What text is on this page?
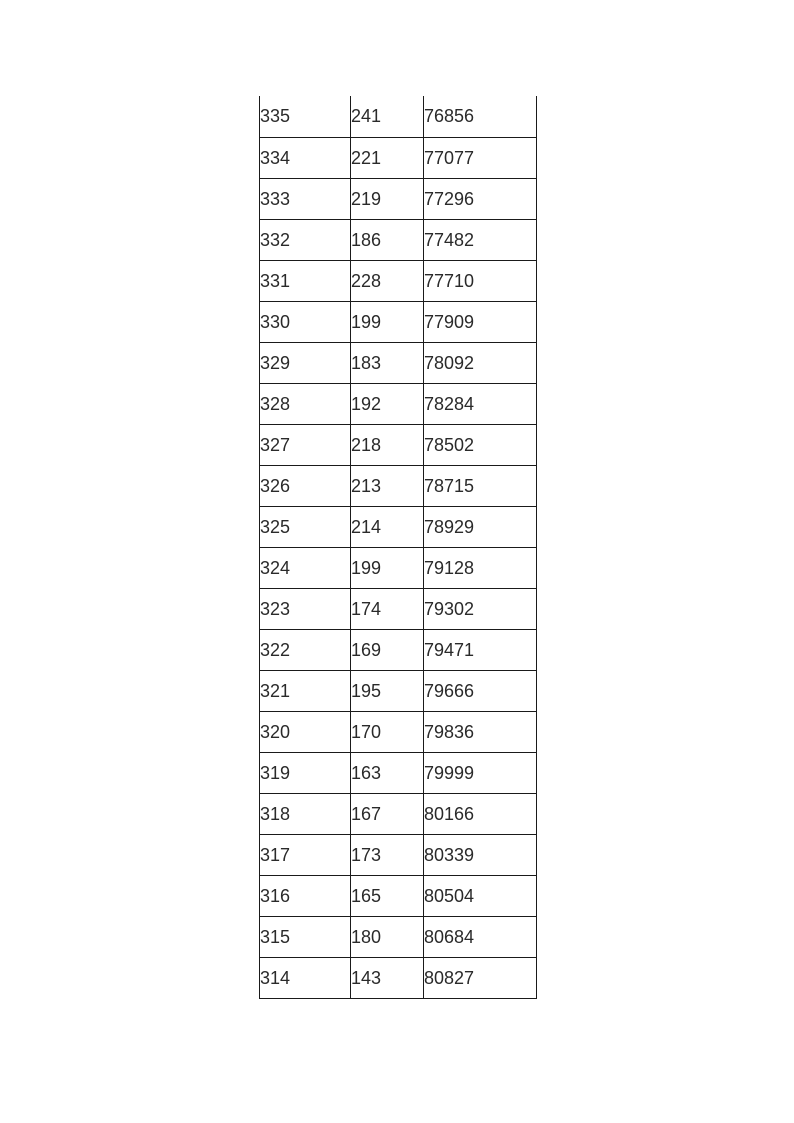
335	241	76856
334	221	77077
333	219	77296
332	186	77482
331	228	77710
330	199	77909
329	183	78092
328	192	78284
327	218	78502
326	213	78715
325	214	78929
324	199	79128
323	174	79302
322	169	79471
321	195	79666
320	170	79836
319	163	79999
318	167	80166
317	173	80339
316	165	80504
315	180	80684
314	143	80827
